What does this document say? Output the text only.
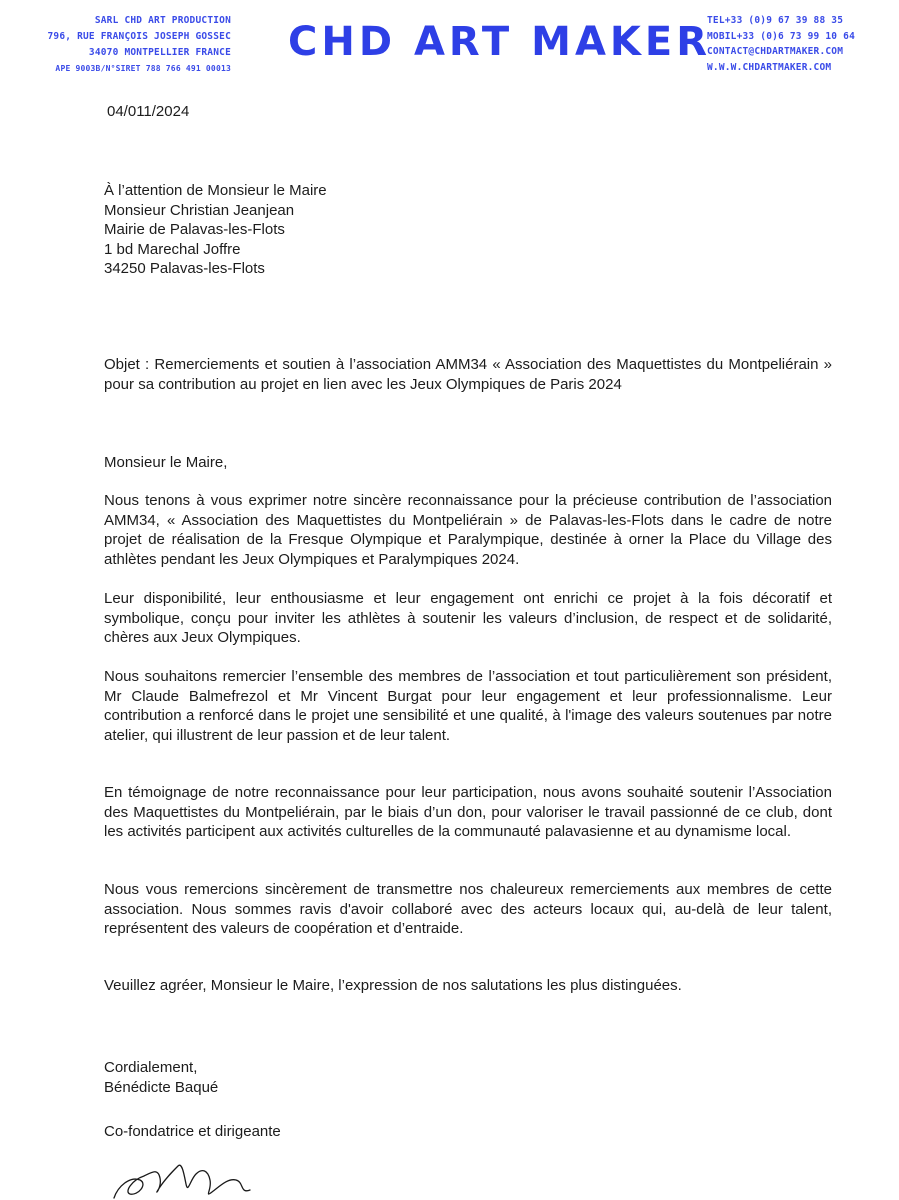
SARL CHD ART PRODUCTION
796, RUE FRANÇOIS JOSEPH GOSSEC
34070 MONTPELLIER FRANCE
APE 9003B/N°SIRET 788 766 491 00013
CHD ART MAKER
TEL+33 (0)9 67 39 88 35
MOBIL+33 (0)6 73 99 10 64
CONTACT@CHDARTMAKER.COM
W.W.W.CHDARTMAKER.COM
04/011/2024
À l’attention de Monsieur le Maire
Monsieur Christian Jeanjean
Mairie de Palavas-les-Flots
1 bd Marechal Joffre
34250 Palavas-les-Flots
Objet : Remerciements et soutien à l’association AMM34 « Association des Maquettistes du Montpeliérain » pour sa contribution au projet en lien avec les Jeux Olympiques de Paris 2024
Monsieur le Maire,
Nous tenons à vous exprimer notre sincère reconnaissance pour la précieuse contribution de l’association AMM34, « Association des Maquettistes du Montpeliérain » de Palavas-les-Flots dans le cadre de notre projet de réalisation de la Fresque Olympique et Paralympique, destinée à orner la Place du Village des athlètes pendant les Jeux Olympiques et Paralympiques 2024.
Leur disponibilité, leur enthousiasme et leur engagement ont enrichi ce projet à la fois décoratif et symbolique, conçu pour inviter les athlètes à soutenir les valeurs d’inclusion, de respect et de solidarité, chères aux Jeux Olympiques.
Nous souhaitons remercier l’ensemble des membres de l’association et tout particulièrement son président, Mr Claude Balmefrezol et Mr Vincent Burgat pour leur engagement et leur professionnalisme. Leur contribution a renforcé dans le projet une sensibilité et une qualité, à l'image des valeurs soutenues par notre atelier, qui illustrent de leur passion et de leur talent.
En témoignage de notre reconnaissance pour leur participation, nous avons souhaité soutenir l’Association des Maquettistes du Montpeliérain, par le biais d’un don, pour valoriser le travail passionné de ce club, dont les activités participent aux activités culturelles de la communauté palavasienne et au dynamisme local.
Nous vous remercions sincèrement de transmettre nos chaleureux remerciements aux membres de cette association. Nous sommes ravis d'avoir collaboré avec des acteurs locaux qui, au-delà de leur talent, représentent des valeurs de coopération et d’entraide.
Veuillez agréer, Monsieur le Maire, l’expression de nos salutations les plus distinguées.
Cordialement,
Bénédicte Baqué
Co-fondatrice et dirigeante
